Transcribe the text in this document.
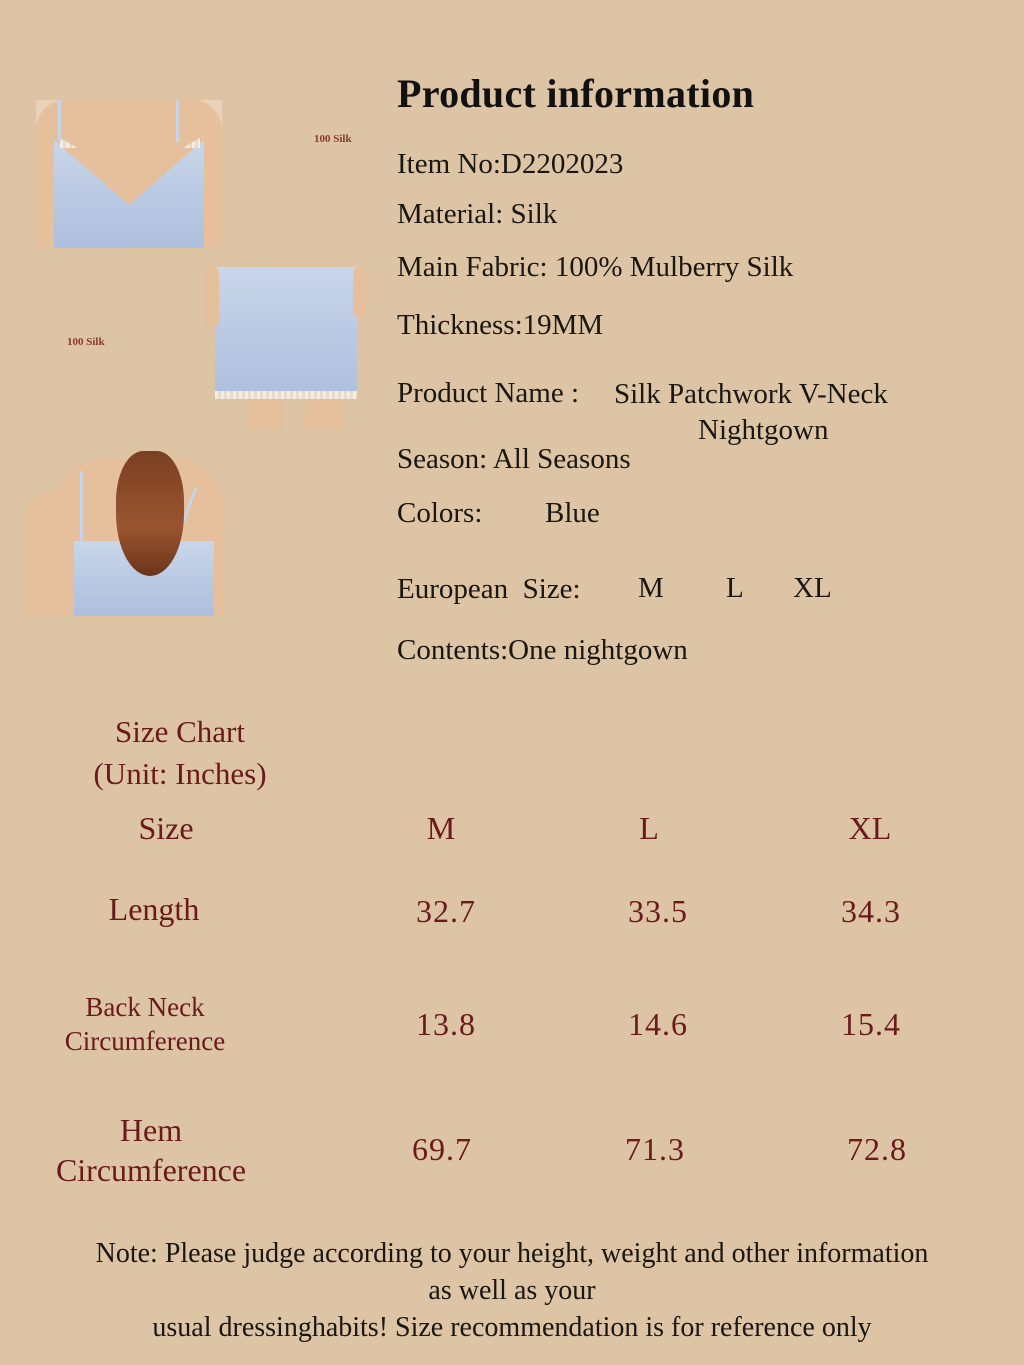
100 Silk
100 Silk
Product information
Item No:D2202023
Material: Silk
Main Fabric: 100% Mulberry Silk
Thickness:19MM
Product Name : Silk Patchwork V-Neck
Nightgown
Season: All Seasons
Colors: Blue
European  Size: M L XL
Contents:One nightgown
Size Chart
(Unit: Inches)
Size	M	L	XL
Length	32.7	33.5	34.3
Back Neck
Circumference	13.8	14.6	15.4
Hem
Circumference
69.7	71.3	72.8
Note: Please judge according to your height, weight and other information
as well as your
usual dressinghabits! Size recommendation is for reference only
